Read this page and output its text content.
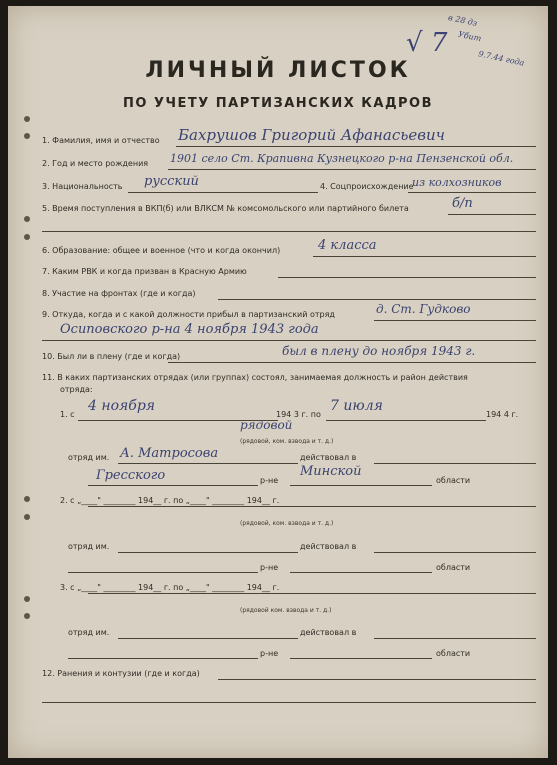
√ 7
в 28 дз
Убит
9.7.44 года
ЛИЧНЫЙ ЛИСТОК
ПО УЧЕТУ ПАРТИЗАНСКИХ КАДРОВ
1. Фамилия, имя и отчество Бахрушов Григорий Афанасьевич
2. Год и место рождения 1901 село Ст. Крапивна Кузнецкого р-на Пензенской обл.
3. Национальность русский	4. Соцпроисхождение
из колхозников
5. Время поступления в ВКП(б) или ВЛКСМ № комсомольского или партийного билета	б/п
6. Образование: общее и военное (что и когда окончил)	4 класса
7. Каким РВК и когда призван в Красную Армию
8. Участие на фронтах (где и когда)
9. Откуда, когда и с какой должности прибыл в партизанский отряд	д. Ст. Гудково
Осиповского р-на 4 ноября 1943 года
10. Был ли в плену (где и когда)	был в плену до ноября 1943 г.
11. В каких партизанских отрядах (или группах) состоял, занимаемая должность и район действия
отряда:
1. с
4 ноября
194 3 г. по
7 июля
194 4 г.
рядовой
(рядовой, ком. взвода и т. д.)
отряд им. А. Матросова	действовал в
Гресского	р-не
Минской
области
2. с „____" ________ 194__ г. по „____" ________ 194__ г.
(рядовой, ком. взвода и т. д.)
отряд им.	действовал в
р-не	области
3. с „____" ________ 194__ г. по „____" ________ 194__ г.
(рядовой ком. взвода и т. д.)
отряд им.	действовал в
р-не	области
12. Ранения и контузии (где и когда)
